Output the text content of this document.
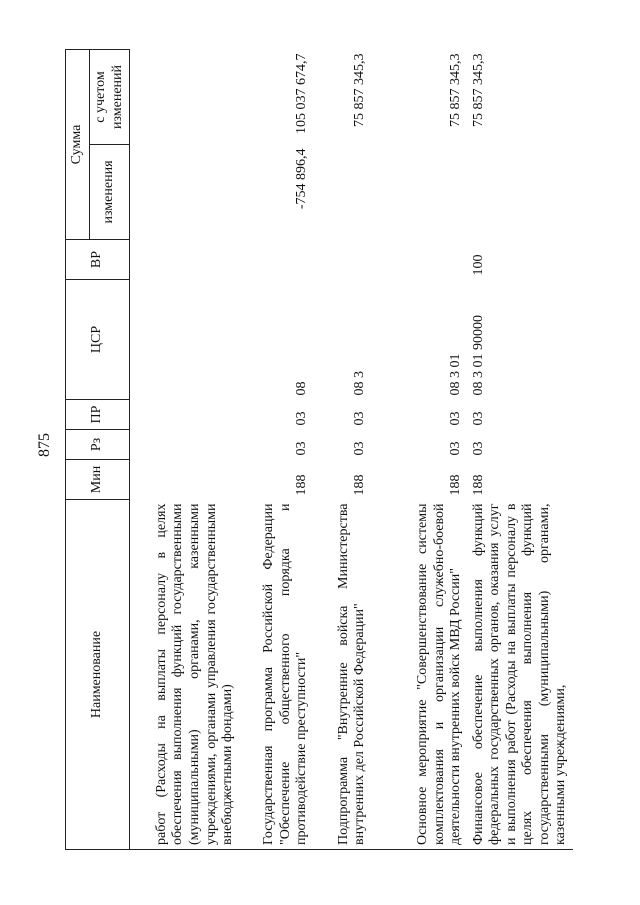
875
Наименование	Мин	Рз	ПР	ЦСР	ВР	Сумма	
						изменения	с учетом изменений
работ (Расходы на выплаты персоналу в целях обеспечения выполнения функций государственными (муниципальными) органами, казенными учреждениями, органами управления государственными внебюджетными фондами)							
Государственная программа Российской Федерации "Обеспечение общественного порядка и противодействие преступности"	188	03	03	08		-754 896,4	105 037 674,7
Подпрограмма "Внутренние войска Министерства внутренних дел Российской Федерации"	188	03	03	08 3			75 857 345,3
Основное мероприятие "Совершенствование системы комплектования и организации служебно-боевой деятельности внутренних войск МВД России"	188	03	03	08 3 01			75 857 345,3
Финансовое обеспечение выполнения функций федеральных государственных органов, оказания услуг и выполнения работ (Расходы на выплаты персоналу в целях обеспечения выполнения функций государственными (муниципальными) органами, казенными учреждениями,	188	03	03	08 3 01 90000	100		75 857 345,3
